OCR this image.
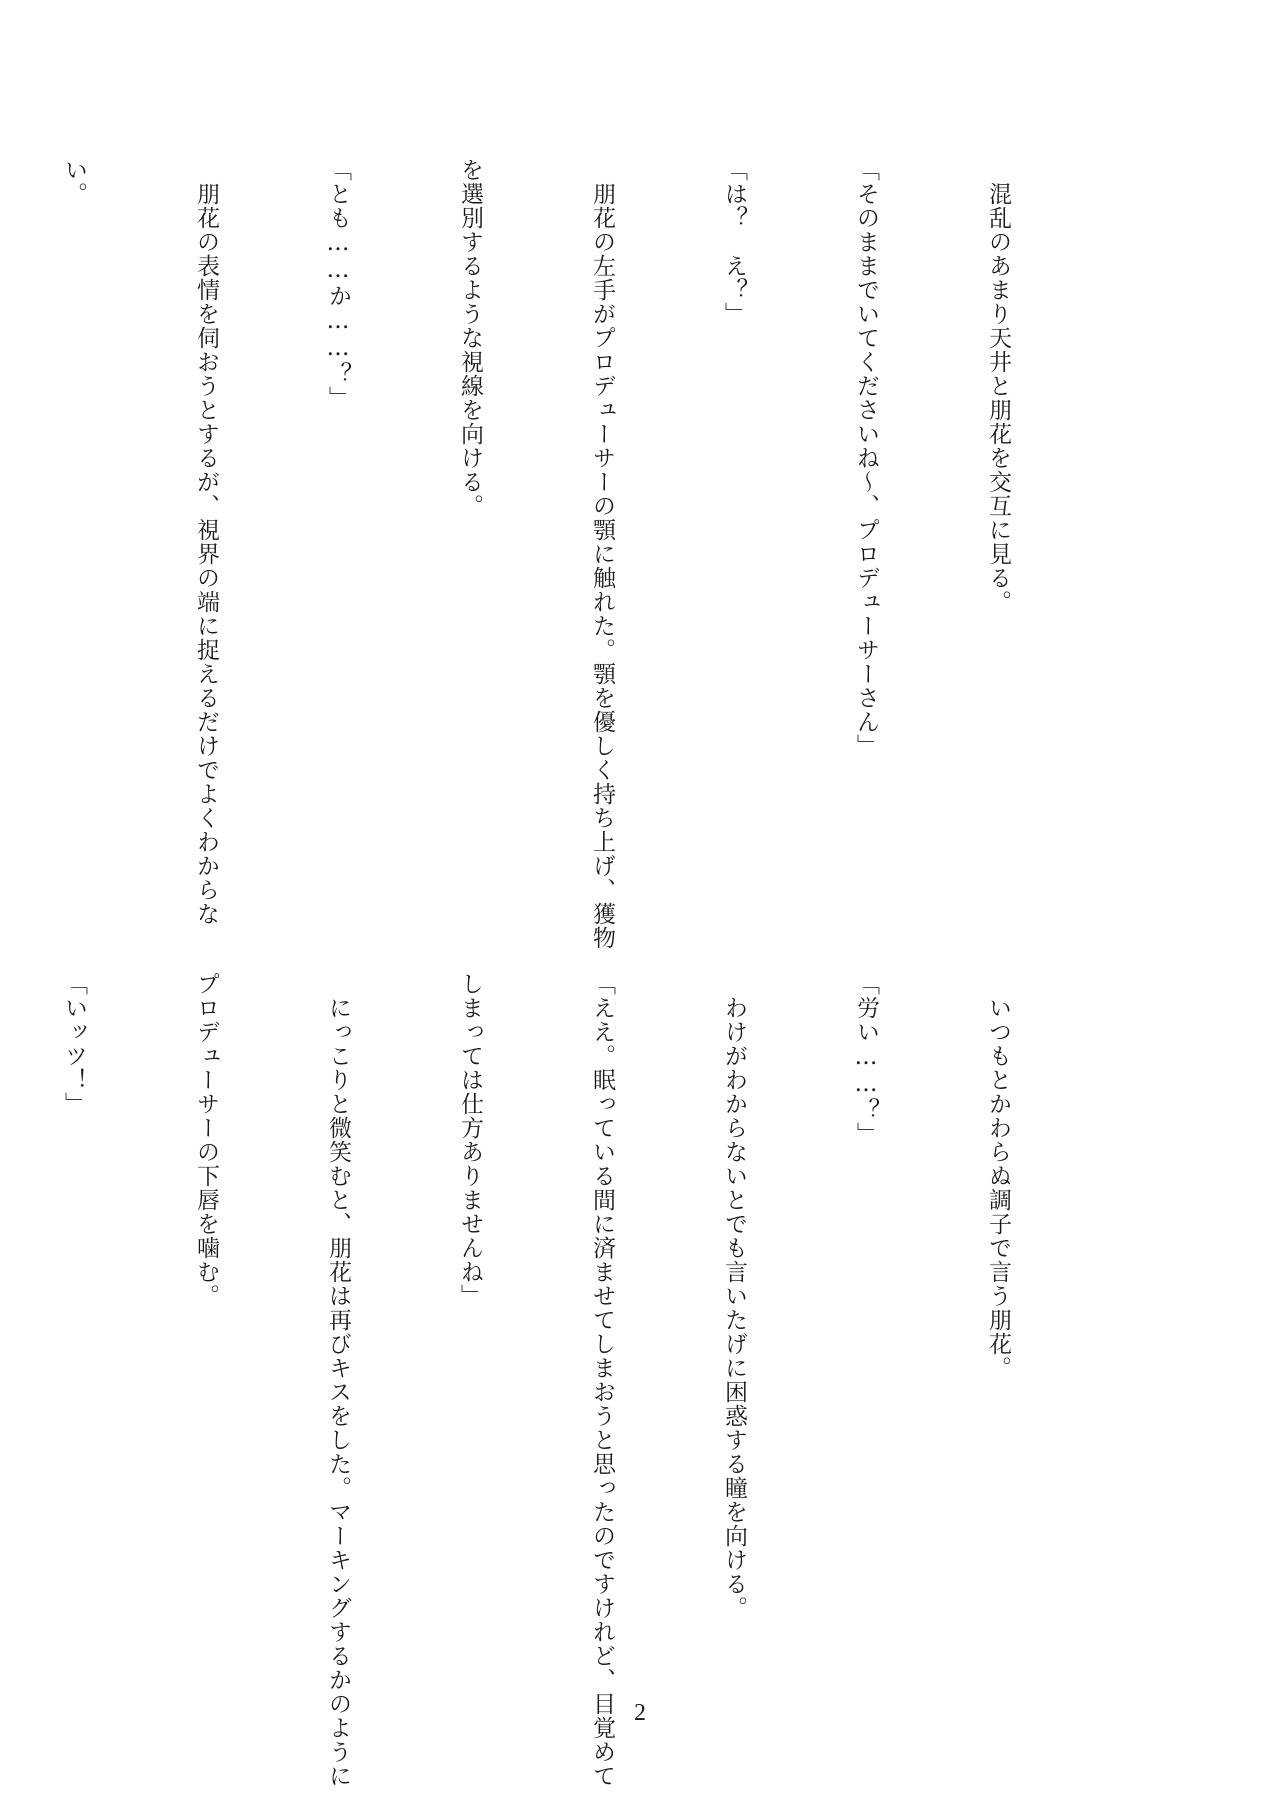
　混乱のあまり天井と朋花を交互に見る。

「そのままでいてくださいね〜、プロデューサーさん」

「は？　え？」

　朋花の左手がプロデューサーの顎に触れた。顎を優しく持ち上げ、獲物

を選別するような視線を向ける。

「とも……か……？」

　朋花の表情を伺おうとするが、視界の端に捉えるだけでよくわからな

い。

　いつもとかわらぬ調子で言う朋花。

「労い……？」

　わけがわからないとでも言いたげに困惑する瞳を向ける。

「ええ。眠っている間に済ませてしまおうと思ったのですけれど、目覚めて

しまっては仕方ありませんね」

　にっこりと微笑むと、朋花は再びキスをした。マーキングするかのように

プロデューサーの下唇を噛む。

「いッツ！」

2
